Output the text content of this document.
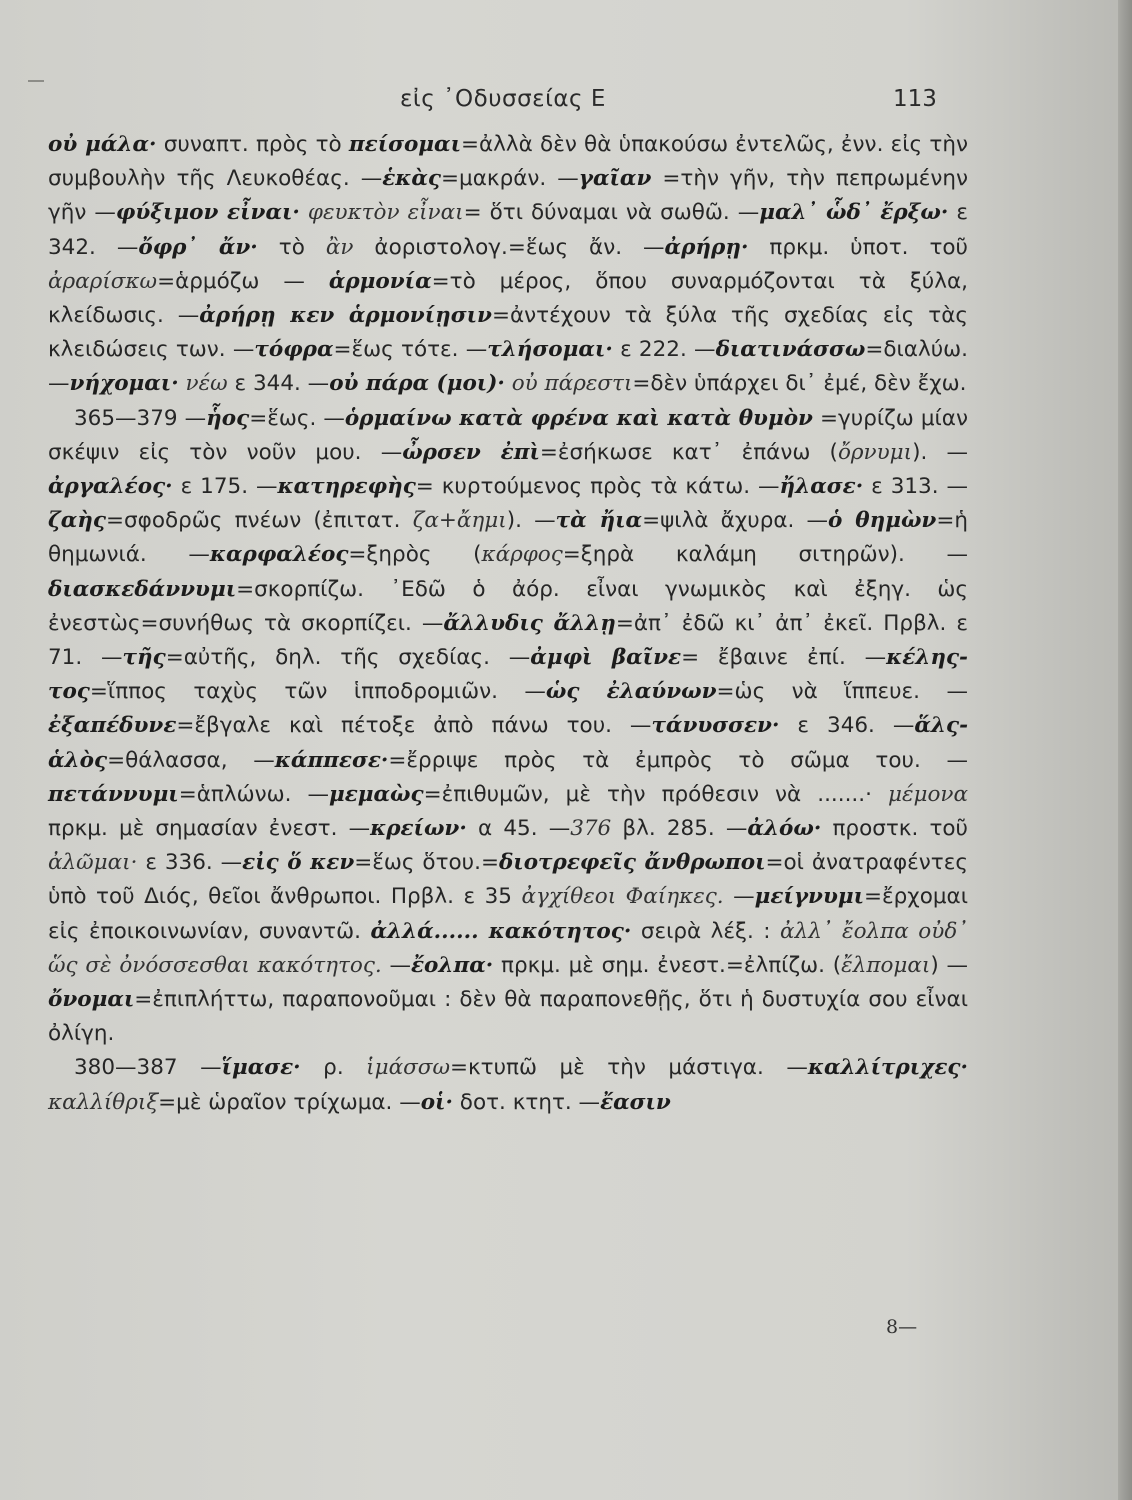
εἰς ᾿Οδυσσείας Ε	113

οὐ μάλα· συναπτ. πρὸς τὸ πείσομαι=ἀλλὰ δὲν θὰ ὑπακούσω ἐντελῶς, ἐνν. εἰς τὴν συμβουλὴν τῆς Λευκοθέας. —ἑκὰς=μακράν. —γαῖαν =τὴν γῆν, τὴν πεπρωμένην γῆν —φύξιμον εἶναι· φευκτὸν εἶναι= ὅτι δύναμαι νὰ σωθῶ. —μαλ᾿ ὧδ᾿ ἔρξω· ε 342. —ὄφρ᾿ ἄν· τὸ ἂν ἀοριστολογ.=ἕως ἄν. —ἀρήρῃ· πρκμ. ὑποτ. τοῦ ἀραρίσκω=ἁρμόζω — ἁρμονία=τὸ μέρος, ὅπου συναρμόζονται τὰ ξύλα, κλείδωσις. —ἀρήρῃ κεν ἁρμονίῃσιν=ἀντέχουν τὰ ξύλα τῆς σχεδίας εἰς τὰς κλειδώσεις των. —τόφρα=ἕως τότε. —τλήσομαι· ε 222. —διατινάσσω=διαλύω. —νήχομαι· νέω ε 344. —οὐ πάρα (μοι)· οὐ πάρεστι=δὲν ὑπάρχει δι᾿ ἐμέ, δὲν ἔχω.

365—379 —ἧος=ἕως. —ὁρμαίνω κατὰ φρένα καὶ κατὰ θυμὸν =γυρίζω μίαν σκέψιν εἰς τὸν νοῦν μου. —ὦρσεν ἐπὶ=ἐσήκωσε κατ᾿ ἐπάνω (ὄρνυμι). —ἀργαλέος· ε 175. —κατηρεφὴς= κυρτούμενος πρὸς τὰ κάτω. —ἤλασε· ε 313. —ζαὴς=σφοδρῶς πνέων (ἐπιτατ. ζα+ἄημι). —τὰ ἤια=ψιλὰ ἄχυρα. —ὁ θημὼν=ἡ θημωνιά. —καρφαλέος=ξηρὸς (κάρφος=ξηρὰ καλάμη σιτηρῶν). —διασκεδάννυμι=σκορπίζω. ᾿Εδῶ ὁ ἀόρ. εἶναι γνωμικὸς καὶ ἐξηγ. ὡς ἐνεστὼς=συνήθως τὰ σκορπίζει. —ἄλλυδις ἄλλῃ=ἀπ᾿ ἐδῶ κι᾿ ἀπ᾿ ἐκεῖ. Πρβλ. ε 71. —τῆς=αὐτῆς, δηλ. τῆς σχεδίας. —ἀμφὶ βαῖνε= ἔβαινε ἐπί. —κέλης-τος=ἵππος ταχὺς τῶν ἱπποδρομιῶν. —ὡς ἐλαύνων=ὡς νὰ ἵππευε. —ἐξαπέδυνε=ἔβγαλε καὶ πέτοξε ἀπὸ πάνω του. —τάνυσσεν· ε 346. —ἅλς-ἁλὸς=θάλασσα, —κάππεσε·=ἔρριψε πρὸς τὰ ἐμπρὸς τὸ σῶμα του. —πετάννυμι=ἁπλώνω. —μεμαὼς=ἐπιθυμῶν, μὲ τὴν πρόθεσιν νὰ .......· μέμονα πρκμ. μὲ σημασίαν ἐνεστ. —κρείων· α 45. —376 βλ. 285. —ἀλόω· προστκ. τοῦ ἀλῶμαι· ε 336. —εἰς ὅ κεν=ἕως ὅτου.=διοτρεφεῖς ἄνθρωποι=οἱ ἀνατραφέντες ὑπὸ τοῦ Διός, θεῖοι ἄνθρωποι. Πρβλ. ε 35 ἀγχίθεοι Φαίηκες. —μείγνυμι=ἔρχομαι εἰς ἐποικοινωνίαν, συναντῶ. ἀλλά...... κακότητος· σειρὰ λέξ. : ἀλλ᾿ ἔολπα οὐδ᾿ ὥς σὲ ὀνόσσεσθαι κακότητος. —ἔολπα· πρκμ. μὲ σημ. ἐνεστ.=ἐλπίζω. (ἔλπομαι) — ὄνομαι=ἐπιπλήττω, παραπονοῦμαι : δὲν θὰ παραπονεθῇς, ὅτι ἡ δυστυχία σου εἶναι ὀλίγη.

380—387 —ἵμασε· ρ. ἱμάσσω=κτυπῶ μὲ τὴν μάστιγα. —καλλίτριχες· καλλίθριξ=μὲ ὡραῖον τρίχωμα. —οἱ· δοτ. κτητ. —ἔασιν

8—
